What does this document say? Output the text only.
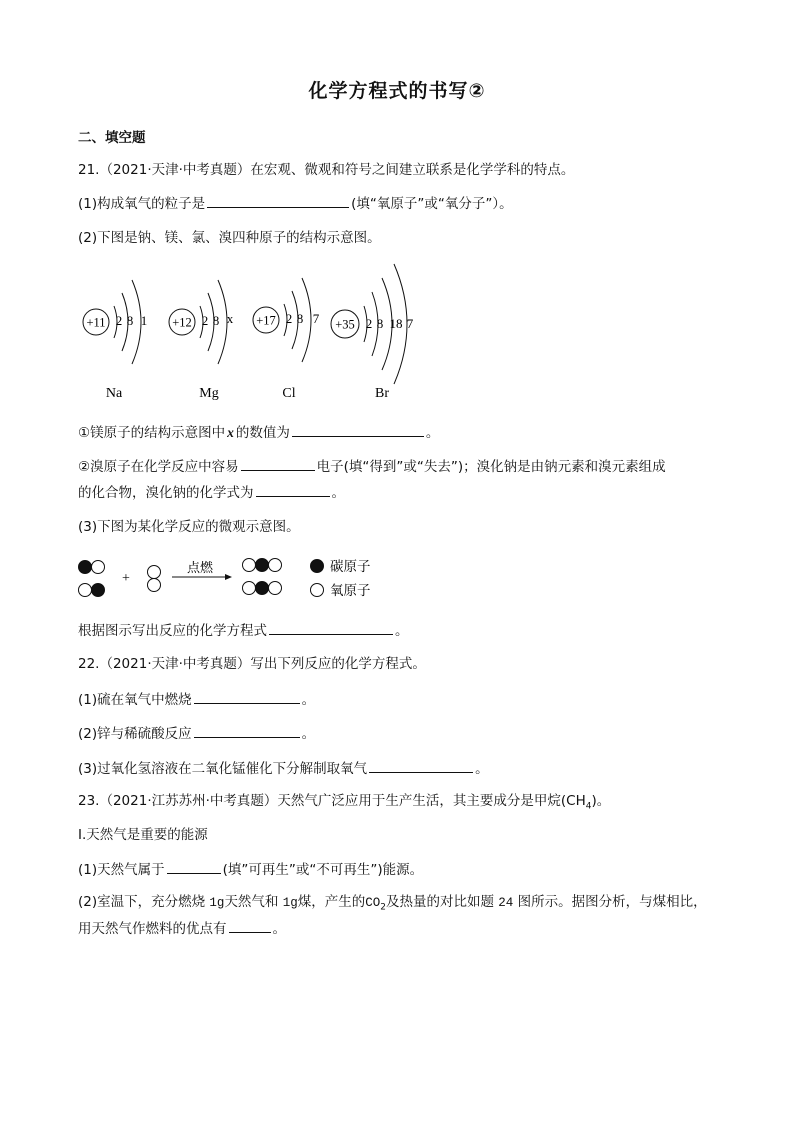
化学方程式的书写②
二、填空题
21.（2021·天津·中考真题）在宏观、微观和符号之间建立联系是化学学科的特点。
(1)构成氧气的粒子是	(填“氧原子”或“氧分子”）。
(2)下图是钠、镁、氯、溴四种原子的结构示意图。
+11 2 8 1 +12 2 8 x +17 2 8 7 +35 2 8 18 7
Na	Mg	Cl	Br
①镁原子的结构示意图中 x 的数值为	。
②溴原子在化学反应中容易	电子(填“得到”或“失去”)；溴化钠是由钠元素和溴元素组成
的化合物，溴化钠的化学式为	。
(3)下图为某化学反应的微观示意图。
+
点燃	碳原子
氧原子
根据图示写出反应的化学方程式	。
22.（2021·天津·中考真题）写出下列反应的化学方程式。
(1)硫在氧气中燃烧	。
(2)锌与稀硫酸反应	。
(3)过氧化氢溶液在二氧化锰催化下分解制取氧气	。
23.（2021·江苏苏州·中考真题）天然气广泛应用于生产生活，其主要成分是甲烷$(CH_4)$。
Ⅰ.天然气是重要的能源
(1)天然气属于	(填”可再生”或“不可再生”)能源。
(2)室温下，充分燃烧 1g天然气和 1g煤，产生的$CO_2$及热量的对比如题 24 图所示。据图分析，与煤相比，
用天然气作燃料的优点有	。
